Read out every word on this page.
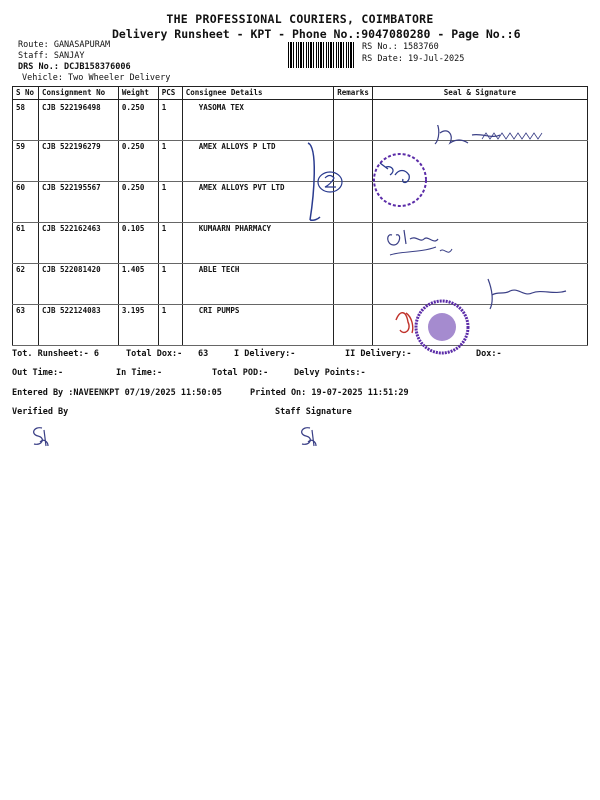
THE PROFESSIONAL COURIERS, COIMBATORE
Delivery Runsheet - KPT - Phone No.:9047080280 - Page No.:6
Route: GANASAPURAM
Staff: SANJAY
DRS No.: DCJB158376006
Vehicle: Two Wheeler Delivery
RS No.: 1583760
RS Date: 19-Jul-2025
S No	Consignment No	Weight	PCS	Consignee Details	Remarks	Seal & Signature
58	CJB 522196498	0.250	1	YASOMA TEX		
59	CJB 522196279	0.250	1	AMEX ALLOYS P LTD		
60	CJB 522195567	0.250	1	AMEX ALLOYS PVT LTD		
61	CJB 522162463	0.105	1	KUMAARN PHARMACY		
62	CJB 522081420	1.405	1	ABLE TECH		
63	CJB 522124083	3.195	1	CRI PUMPS		
Tot. Runsheet:- 6	Total Dox:- 63	I Delivery:-	II Delivery:-	Dox:-
Out Time:-	In Time:-	Total POD:-	Delvy Points:-
Entered By :NAVEENKPT 07/19/2025 11:50:05	Printed On: 19-07-2025 11:51:29
Verified By	Staff Signature
